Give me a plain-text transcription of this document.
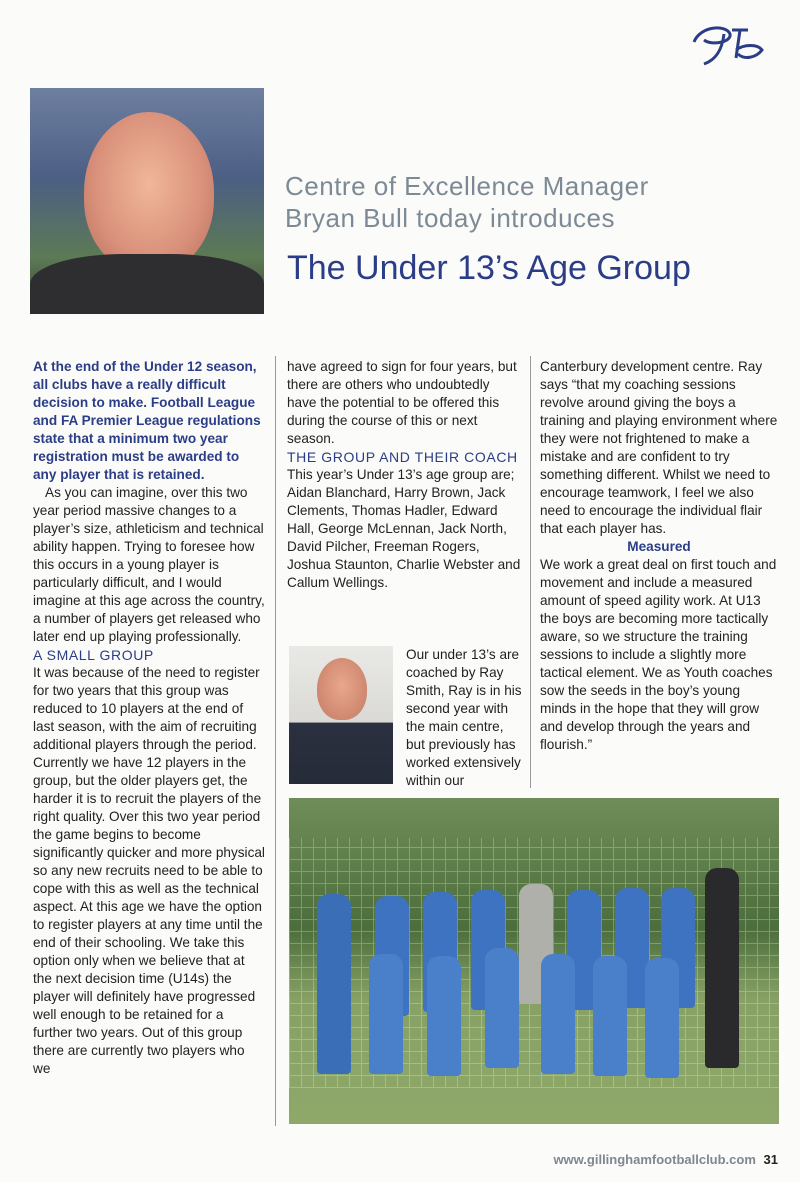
Centre of Excellence Manager
Bryan Bull today introduces
The Under 13’s Age Group

At the end of the Under 12 season, all clubs have a really difficult decision to make. Football League and FA Premier League regulations state that a minimum two year registration must be awarded to any player that is retained.

As you can imagine, over this two year period massive changes to a player’s size, athleticism and technical ability happen. Trying to foresee how this occurs in a young player is particularly difficult, and I would imagine at this age across the country, a number of players get released who later end up playing professionally.

A SMALL GROUP

It was because of the need to register for two years that this group was reduced to 10 players at the end of last season, with the aim of recruiting additional players through the period. Currently we have 12 players in the group, but the older players get, the harder it is to recruit the players of the right quality. Over this two year period the game begins to become significantly quicker and more physical so any new recruits need to be able to cope with this as well as the technical aspect. At this age we have the option to register players at any time until the end of their schooling. We take this option only when we believe that at the next decision time (U14s) the player will definitely have progressed well enough to be retained for a further two years. Out of this group there are currently two players who we

have agreed to sign for four years, but there are others who undoubtedly have the potential to be offered this during the course of this or next season.

THE GROUP AND THEIR COACH

This year’s Under 13’s age group are; Aidan Blanchard, Harry Brown, Jack Clements, Thomas Hadler, Edward Hall, George McLennan, Jack North, David Pilcher, Freeman Rogers, Joshua Staunton, Charlie Webster and Callum Wellings.

Our under 13’s are coached by Ray Smith, Ray is in his second year with the main centre, but previously has worked extensively within our

Canterbury development centre. Ray says “that my coaching sessions revolve around giving the boys a training and playing environment where they were not frightened to make a mistake and are confident to try something different. Whilst we need to encourage teamwork, I feel we also need to encourage the individual flair that each player has.

Measured

We work a great deal on first touch and movement and include a measured amount of speed agility work. At U13 the boys are becoming more tactically aware, so we structure the training sessions to include a slightly more tactical element. We as Youth coaches sow the seeds in the boy’s young minds in the hope that they will grow and develop through the years and flourish.”

www.gillinghamfootballclub.com 31
